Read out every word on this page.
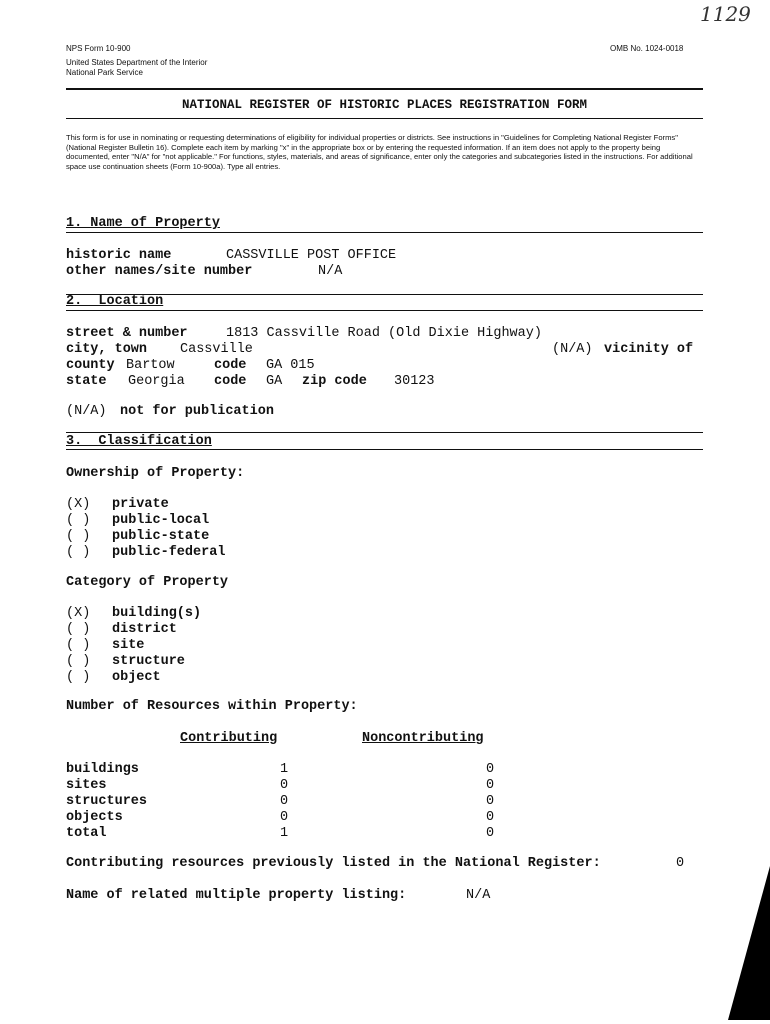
1129
NPS Form 10-900	OMB No. 1024-0018
United States Department of the Interior
National Park Service
NATIONAL REGISTER OF HISTORIC PLACES REGISTRATION FORM
This form is for use in nominating or requesting determinations of eligibility for individual properties or districts. See instructions in "Guidelines for Completing National Register Forms" (National Register Bulletin 16). Complete each item by marking "x" in the appropriate box or by entering the requested information. If an item does not apply to the property being documented, enter "N/A" for "not applicable." For functions, styles, materials, and areas of significance, enter only the categories and subcategories listed in the instructions. For additional space use continuation sheets (Form 10-900a). Type all entries.
1. Name of Property
historic name	CASSVILLE POST OFFICE
other names/site number	N/A
2.  Location
street & number	1813 Cassville Road (Old Dixie Highway)
city, town Cassville	(N/A) vicinity of
county Bartow	code GA 015
state Georgia code GA zip code 30123
(N/A) not for publication
3.  Classification
Ownership of Property:
(X) private
( ) public-local
( ) public-state
( ) public-federal
Category of Property
(X) building(s)
( ) district
( ) site
( ) structure
( ) object
Number of Resources within Property:
Contributing	Noncontributing
buildings	1	0
sites	0	0
structures	0	0
objects	0	0
total	1	0
Contributing resources previously listed in the National Register:	0
Name of related multiple property listing:	N/A
